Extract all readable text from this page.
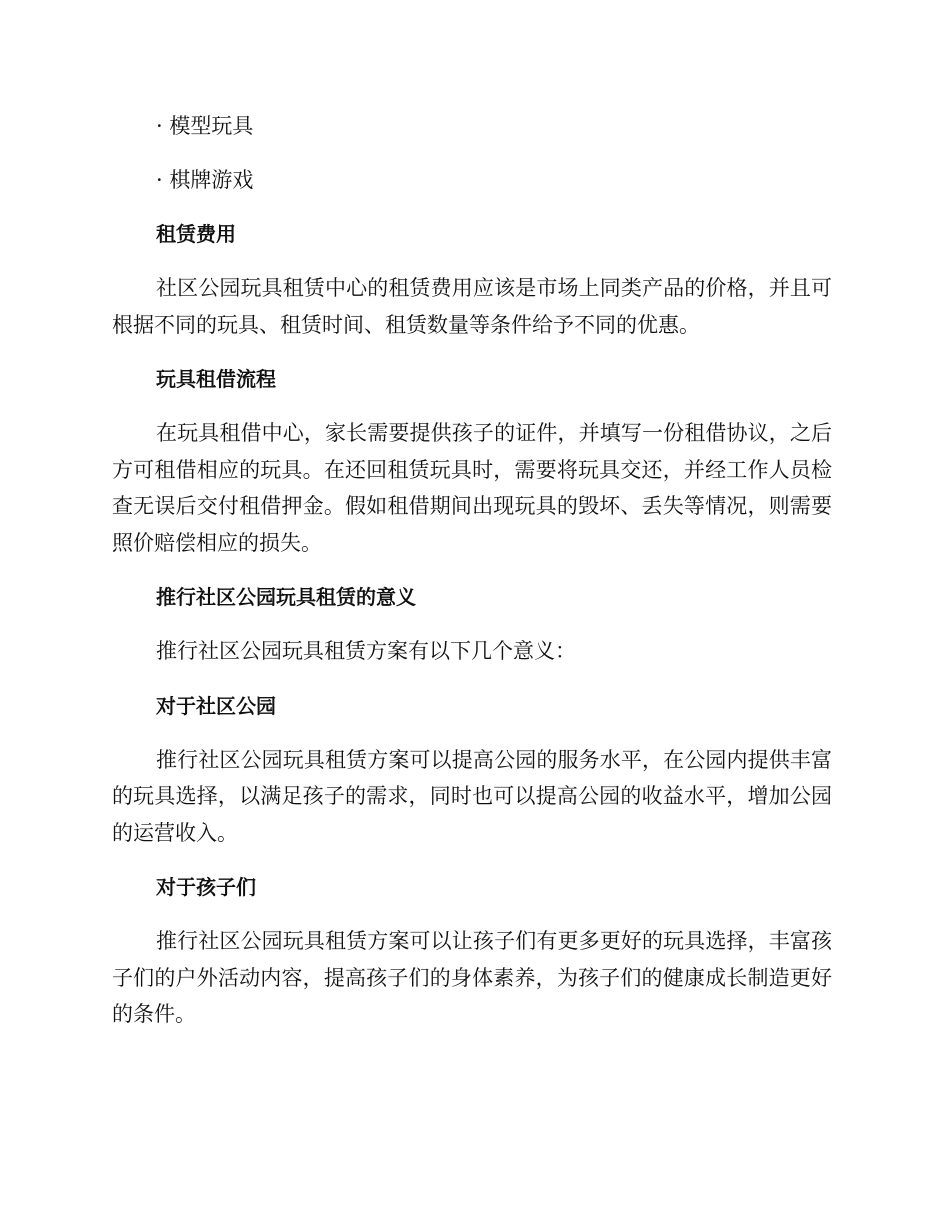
· 模型玩具
· 棋牌游戏
租赁费用

社区公园玩具租赁中心的租赁费用应该是市场上同类产品的价格，并且可根据不同的玩具、租赁时间、租赁数量等条件给予不同的优惠。

玩具租借流程

在玩具租借中心，家长需要提供孩子的证件，并填写一份租借协议，之后方可租借相应的玩具。在还回租赁玩具时，需要将玩具交还，并经工作人员检查无误后交付租借押金。假如租借期间出现玩具的毁坏、丢失等情况，则需要照价赔偿相应的损失。

推行社区公园玩具租赁的意义

推行社区公园玩具租赁方案有以下几个意义：

对于社区公园

推行社区公园玩具租赁方案可以提高公园的服务水平，在公园内提供丰富的玩具选择，以满足孩子的需求，同时也可以提高公园的收益水平，增加公园的运营收入。

对于孩子们

推行社区公园玩具租赁方案可以让孩子们有更多更好的玩具选择，丰富孩子们的户外活动内容，提高孩子们的身体素养，为孩子们的健康成长制造更好的条件。
